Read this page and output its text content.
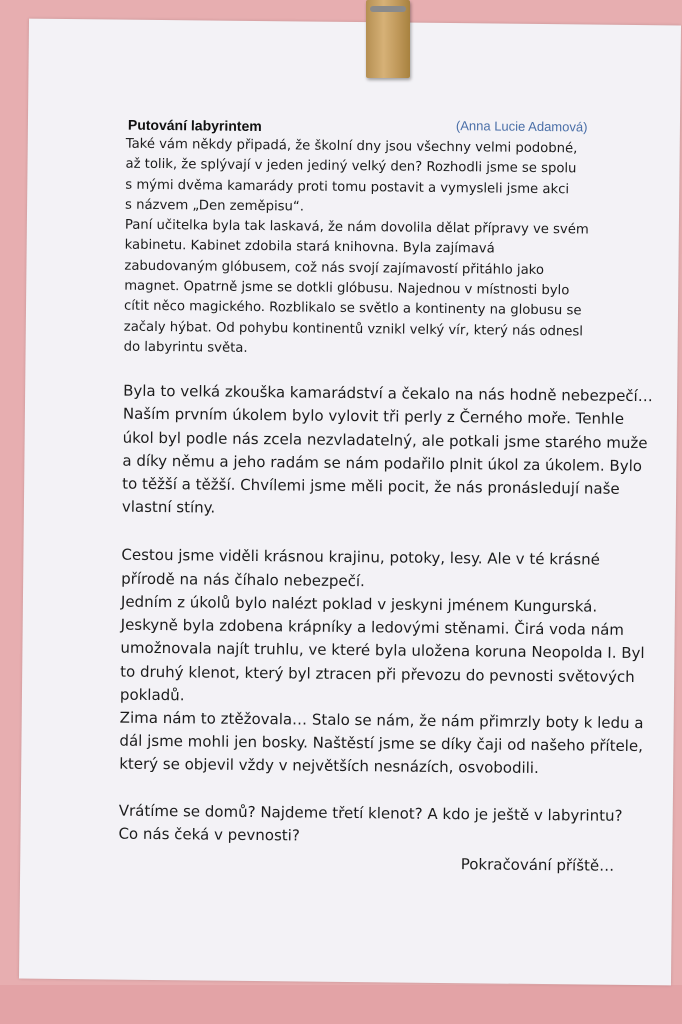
Putování labyrintem	(Anna Lucie Adamová)
Také vám někdy připadá, že školní dny jsou všechny velmi podobné,
až tolik, že splývají v jeden jediný velký den? Rozhodli jsme se spolu
s mými dvěma kamarády proti tomu postavit a vymysleli jsme akci
s názvem „Den zeměpisu“.
Paní učitelka byla tak laskavá, že nám dovolila dělat přípravy ve svém
kabinetu. Kabinet zdobila stará knihovna. Byla zajímavá
zabudovaným glóbusem, což nás svojí zajímavostí přitáhlo jako
magnet. Opatrně jsme se dotkli glóbusu. Najednou v místnosti bylo
cítit něco magického. Rozblikalo se světlo a kontinenty na globusu se
začaly hýbat. Od pohybu kontinentů vznikl velký vír, který nás odnesl
do labyrintu světa.
Byla to velká zkouška kamarádství a čekalo na nás hodně nebezpečí…
Naším prvním úkolem bylo vylovit tři perly z Černého moře. Tenhle
úkol byl podle nás zcela nezvladatelný, ale potkali jsme starého muže
a díky němu a jeho radám se nám podařilo plnit úkol za úkolem. Bylo
to těžší a těžší. Chvílemi jsme měli pocit, že nás pronásledují naše
vlastní stíny.
Cestou jsme viděli krásnou krajinu, potoky, lesy. Ale v té krásné
přírodě na nás číhalo nebezpečí.
Jedním z úkolů bylo nalézt poklad v jeskyni jménem Kungurská.
Jeskyně byla zdobena krápníky a ledovými stěnami. Čirá voda nám
umožnovala najít truhlu, ve které byla uložena koruna Neopolda I. Byl
to druhý klenot, který byl ztracen při převozu do pevnosti světových
pokladů.
Zima nám to ztěžovala… Stalo se nám, že nám přimrzly boty k ledu a
dál jsme mohli jen bosky. Naštěstí jsme se díky čaji od našeho přítele,
který se objevil vždy v největších nesnázích, osvobodili.
Vrátíme se domů? Najdeme třetí klenot? A kdo je ještě v labyrintu?
Co nás čeká v pevnosti?
Pokračování příště…
